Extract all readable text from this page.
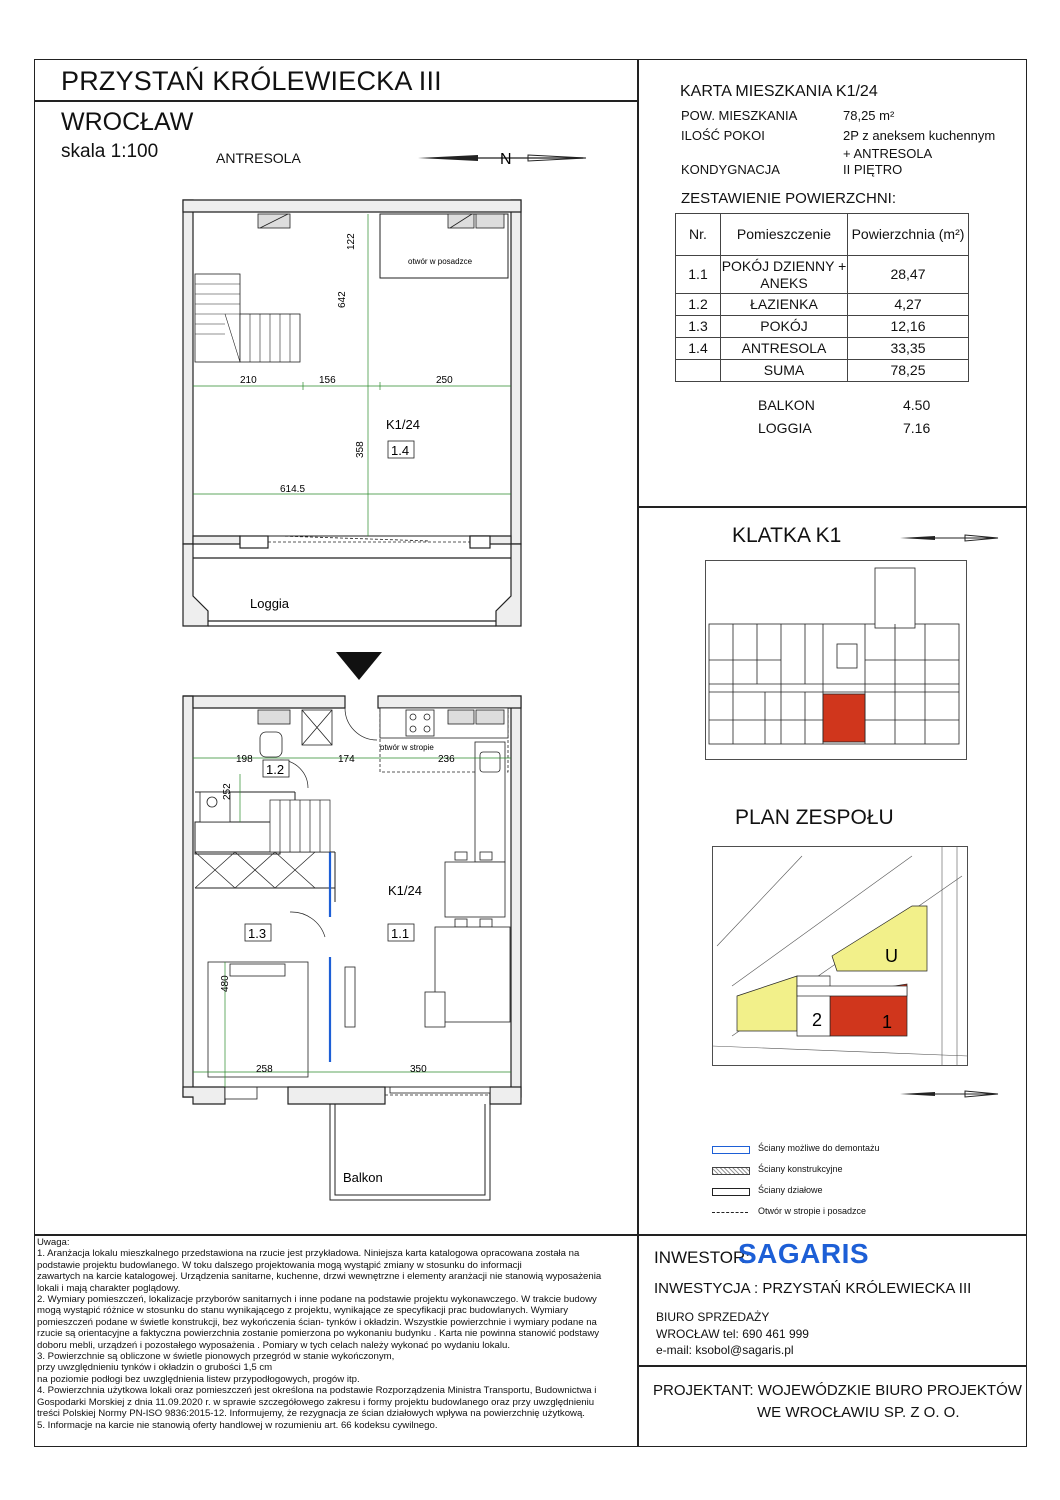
PRZYSTAŃ KRÓLEWIECKA III
WROCŁAW
skala 1:100	ANTRESOLA	N
KARTA MIESZKANIA K1/24
POW. MIESZKANIA	78,25 m²
ILOŚĆ POKOI	2P z aneksem kuchennym
+ ANTRESOLA
KONDYGNACJA	II PIĘTRO
ZESTAWIENIE POWIERZCHNI:
Nr.	Pomieszczenie	Powierzchnia (m²)
1.1	POKÓJ DZIENNY + ANEKS	28,47
1.2	ŁAZIENKA	4,27
1.3	POKÓJ	12,16
1.4	ANTRESOLA	33,35
	SUMA	78,25
BALKON	4.50
LOGGIA	7.16
122
642
210	156	250
358
614.5
otwór w posadzce
K1/24
1.4
Loggia
198	174	236
252
480
258	350
otwór w stropie
K1/24
1.2
1.3	1.1
Balkon
KLATKA K1
PLAN ZESPOŁU
U
2	1
Ściany możliwe do demontażu
Ściany konstrukcyjne
Ściany działowe
Otwór w stropie i posadzce
Uwaga:
1. Aranżacja lokalu mieszkalnego przedstawiona na rzucie jest przykładowa. Niniejsza karta katalogowa opracowana została na
podstawie projektu budowlanego. W toku dalszego projektowania mogą wystąpić zmiany w stosunku do informacji
zawartych na karcie katalogowej. Urządzenia sanitarne, kuchenne, drzwi wewnętrzne i elementy aranżacji nie stanowią wyposażenia
lokali i mają charakter poglądowy.
2. Wymiary pomieszczeń, lokalizacje przyborów sanitarnych i inne podane na podstawie projektu wykonawczego. W trakcie budowy
mogą wystąpić różnice w stosunku do stanu wynikającego z projektu, wynikające ze specyfikacji prac budowlanych. Wymiary
pomieszczeń podane w świetle konstrukcji, bez wykończenia ścian- tynków i okładzin. Wszystkie powierzchnie i wymiary podane na
rzucie są orientacyjne a faktyczna powierzchnia zostanie pomierzona po wykonaniu budynku . Karta nie powinna stanowić podstawy
doboru mebli, urządzeń i pozostałego wyposażenia . Pomiary w tych celach należy wykonać po wydaniu lokalu.
3. Powierzchnie są obliczone w świetle pionowych przegród w stanie wykończonym,
przy uwzględnieniu tynków i okładzin o grubości 1,5 cm
na poziomie podłogi bez uwzględnienia listew przypodłogowych, progów itp.
4. Powierzchnia użytkowa lokali oraz pomieszczeń jest określona na podstawie Rozporządzenia Ministra Transportu, Budownictwa i
Gospodarki Morskiej z dnia 11.09.2020 r. w sprawie szczegółowego zakresu i formy projektu budowlanego oraz przy uwzględnieniu
treści Polskiej Normy PN-ISO 9836:2015-12. Informujemy, że rezygnacja ze ścian działowych wpływa na powierzchnię użytkową.
5. Informacje na karcie nie stanowią oferty handlowej w rozumieniu art. 66 kodeksu cywilnego.
INWESTOR:
SAGARIS
INWESTYCJA : PRZYSTAŃ KRÓLEWIECKA III
BIURO SPRZEDAŻY
WROCŁAW tel: 690 461 999
e-mail: ksobol@sagaris.pl
PROJEKTANT: WOJEWÓDZKIE BIURO PROJEKTÓW
WE WROCŁAWIU SP. Z O. O.
